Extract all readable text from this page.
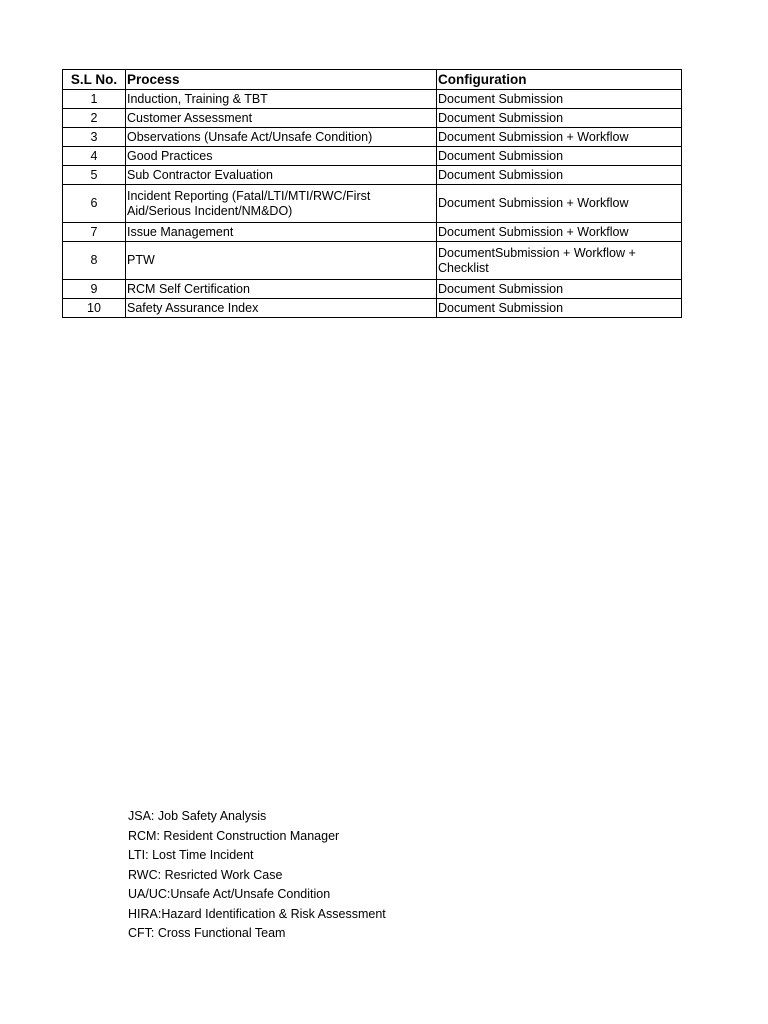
S.L No.	Process	Configuration
1	Induction, Training & TBT	Document Submission
2	Customer Assessment	Document Submission
3	Observations (Unsafe Act/Unsafe Condition)	Document Submission + Workflow
4	Good Practices	Document Submission
5	Sub Contractor Evaluation	Document Submission
6	Incident Reporting (Fatal/LTI/MTI/RWC/First Aid/Serious Incident/NM&DO)	Document Submission + Workflow
7	Issue Management	Document Submission + Workflow
8	PTW	DocumentSubmission + Workflow + Checklist
9	RCM Self Certification	Document Submission
10	Safety Assurance Index	Document Submission
JSA: Job Safety Analysis
RCM: Resident Construction Manager
LTI: Lost Time Incident
RWC: Resricted Work Case
UA/UC:Unsafe Act/Unsafe Condition
HIRA:Hazard Identification & Risk Assessment
CFT: Cross Functional Team
